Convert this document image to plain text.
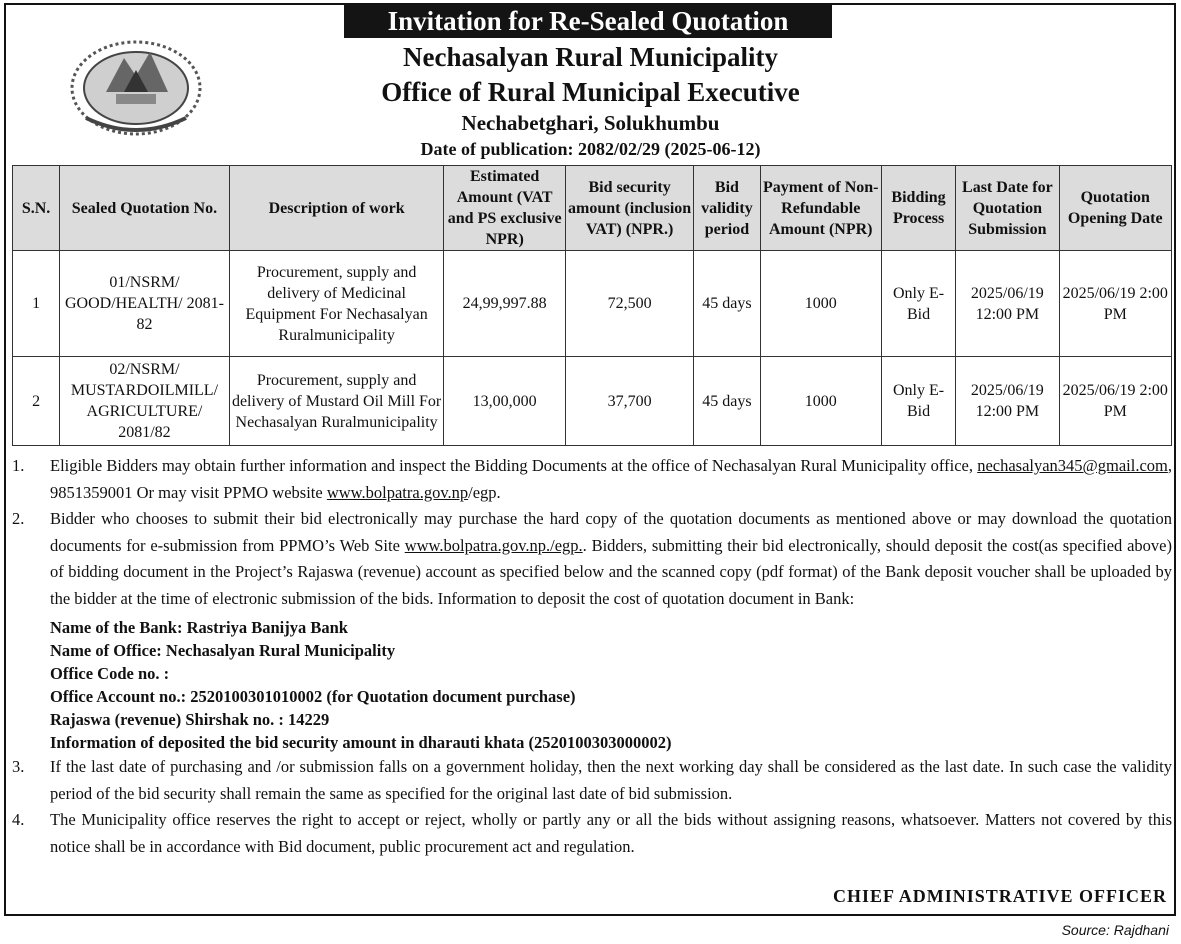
Invitation for Re-Sealed Quotation
Nechasalyan Rural Municipality
Office of Rural Municipal Executive
Nechabetghari, Solukhumbu
Date of publication: 2082/02/29 (2025-06-12)
S.N.	Sealed Quotation No.	Description of work	Estimated Amount (VAT and PS exclusive NPR)	Bid security amount (inclusion VAT) (NPR.)	Bid validity period	Payment of Non-Refundable Amount (NPR)	Bidding Process	Last Date for Quotation Submission	Quotation Opening Date
1	01/NSRM/ GOOD/HEALTH/ 2081-82	Procurement, supply and delivery of Medicinal Equipment For Nechasalyan Ruralmunicipality	24,99,997.88	72,500	45 days	1000	Only E-Bid	2025/06/19 12:00 PM	2025/06/19 2:00 PM
2	02/NSRM/ MUSTARDOILMILL/ AGRICULTURE/ 2081/82	Procurement, supply and delivery of Mustard Oil Mill For Nechasalyan Ruralmunicipality	13,00,000	37,700	45 days	1000	Only E-Bid	2025/06/19 12:00 PM	2025/06/19 2:00 PM
1.	Eligible Bidders may obtain further information and inspect the Bidding Documents at the office of Nechasalyan Rural Municipality office, nechasalyan345@gmail.com, 9851359001 Or may visit PPMO website www.bolpatra.gov.np/egp.
2.	Bidder who chooses to submit their bid electronically may purchase the hard copy of the quotation documents as mentioned above or may download the quotation documents for e-submission from PPMO’s Web Site www.bolpatra.gov.np./egp.. Bidders, submitting their bid electronically, should deposit the cost(as specified above) of bidding document in the Project’s Rajaswa (revenue) account as specified below and the scanned copy (pdf format) of the Bank deposit voucher shall be uploaded by the bidder at the time of electronic submission of the bids. Information to deposit the cost of quotation document in Bank:
Name of the Bank: Rastriya Banijya Bank
Name of Office: Nechasalyan Rural Municipality
Office Code no. :
Office Account no.: 2520100301010002 (for Quotation document purchase)
Rajaswa (revenue) Shirshak no. : 14229
Information of deposited the bid security amount in dharauti khata (2520100303000002)
3.	If the last date of purchasing and /or submission falls on a government holiday, then the next working day shall be considered as the last date. In such case the validity period of the bid security shall remain the same as specified for the original last date of bid submission.
4.	The Municipality office reserves the right to accept or reject, wholly or partly any or all the bids without assigning reasons, whatsoever. Matters not covered by this notice shall be in accordance with Bid document, public procurement act and regulation.
CHIEF ADMINISTRATIVE OFFICER
Source: Rajdhani
